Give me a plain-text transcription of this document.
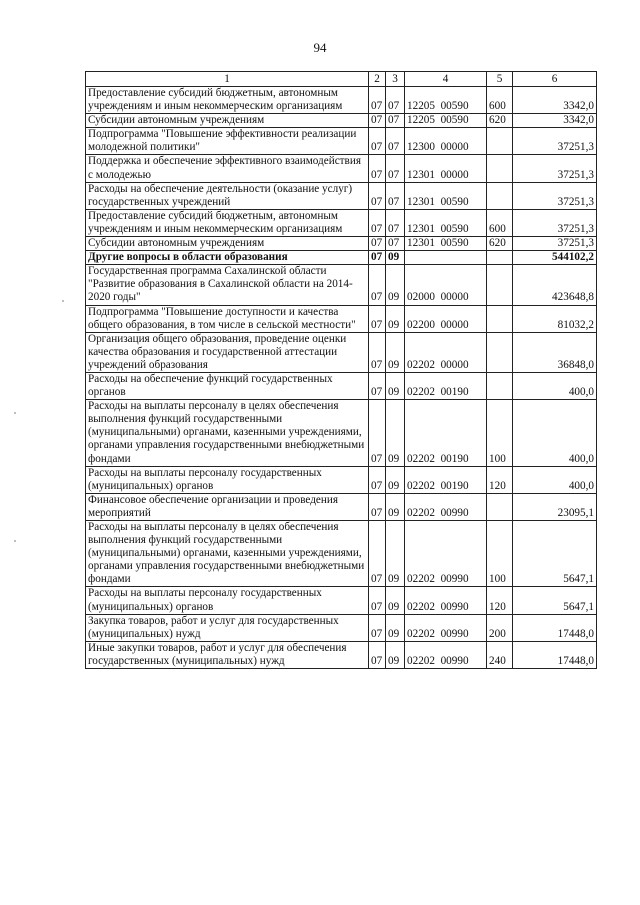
94
1	2	3	4	5	6
Предоставление субсидий бюджетным, автономным учреждениям и иным некоммерческим организациям	07	07	12205  00590	600	3342,0
Субсидии автономным учреждениям	07	07	12205  00590	620	3342,0
Подпрограмма "Повышение эффективности реализации молодежной политики"	07	07	12300  00000		37251,3
Поддержка и обеспечение эффективного взаимодействия с молодежью	07	07	12301  00000		37251,3
Расходы на обеспечение деятельности (оказание услуг) государственных учреждений	07	07	12301  00590		37251,3
Предоставление субсидий бюджетным, автономным учреждениям и иным некоммерческим организациям	07	07	12301  00590	600	37251,3
Субсидии автономным учреждениям	07	07	12301  00590	620	37251,3
Другие вопросы в области образования	07	09			544102,2
Государственная программа Сахалинской области "Развитие образования в Сахалинской области на 2014-2020 годы"	07	09	02000  00000		423648,8
Подпрограмма "Повышение доступности и качества общего образования, в том числе в сельской местности"	07	09	02200  00000		81032,2
Организация общего образования, проведение оценки качества образования и государственной аттестации учреждений образования	07	09	02202  00000		36848,0
Расходы на обеспечение функций государственных органов	07	09	02202  00190		400,0
Расходы на выплаты персоналу в целях обеспечения выполнения функций государственными (муниципальными) органами, казенными учреждениями, органами управления государственными внебюджетными фондами	07	09	02202  00190	100	400,0
Расходы на выплаты персоналу государственных (муниципальных) органов	07	09	02202  00190	120	400,0
Финансовое обеспечение организации и проведения мероприятий	07	09	02202  00990		23095,1
Расходы на выплаты персоналу в целях обеспечения выполнения функций государственными (муниципальными) органами, казенными учреждениями, органами управления государственными внебюджетными фондами	07	09	02202  00990	100	5647,1
Расходы на выплаты персоналу государственных (муниципальных) органов	07	09	02202  00990	120	5647,1
Закупка товаров, работ и услуг для государственных (муниципальных) нужд	07	09	02202  00990	200	17448,0
Иные закупки товаров, работ и услуг для обеспечения государственных (муниципальных) нужд	07	09	02202  00990	240	17448,0
